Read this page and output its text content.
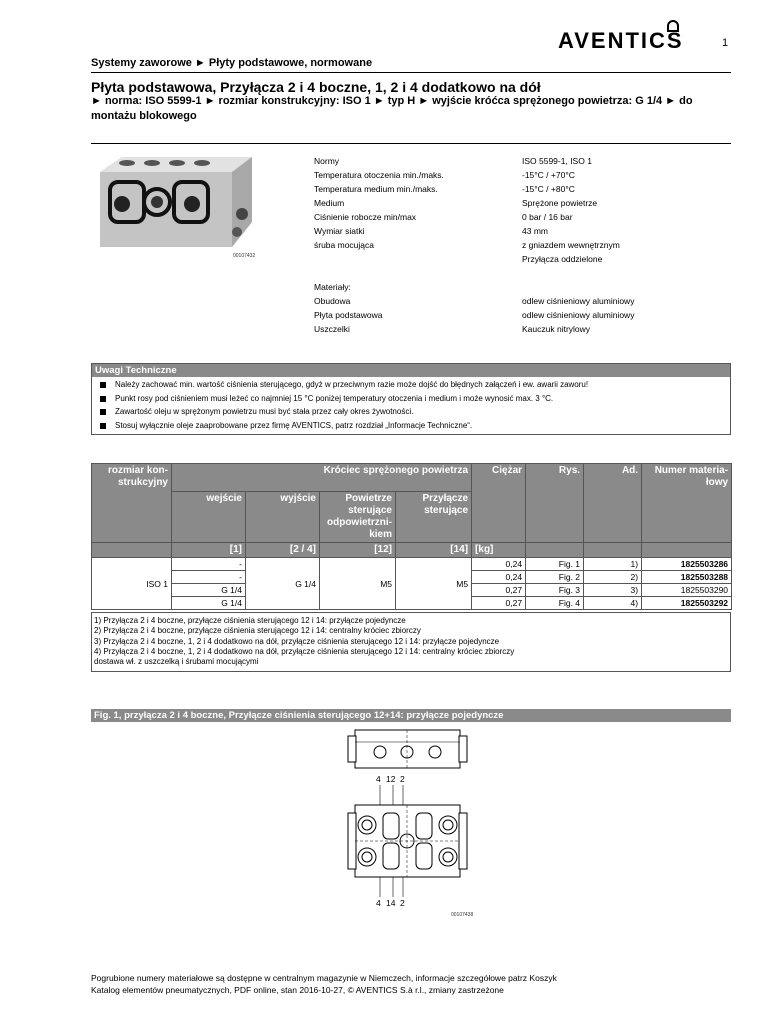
AVENTICS	1
Systemy zaworowe ► Płyty podstawowe, normowane
Płyta podstawowa, Przyłącza 2 i 4 boczne, 1, 2 i 4 dodatkowo na dół
► norma: ISO 5599-1 ► rozmiar konstrukcyjny: ISO 1 ► typ H ► wyjście króćca sprężonego powietrza: G 1/4 ► do montażu blokowego
00107432
Normy	ISO 5599-1, ISO 1
Temperatura otoczenia min./maks.	-15°C / +70°C
Temperatura medium min./maks.	-15°C / +80°C
Medium	Sprężone powietrze
Ciśnienie robocze min/max	0 bar / 16 bar
Wymiar siatki	43 mm
śruba mocująca	z gniazdem wewnętrznym
Przyłącza oddzielone
Materiały:
Obudowa	odlew ciśnieniowy aluminiowy
Płyta podstawowa	odlew ciśnieniowy aluminiowy
Uszczelki	Kauczuk nitrylowy
Uwagi Techniczne
Należy zachować min. wartość ciśnienia sterującego, gdyż w przeciwnym razie może dojść do błędnych załączeń i ew. awarii zaworu!
Punkt rosy pod ciśnieniem musi leżeć co najmniej 15 °C poniżej temperatury otoczenia i medium i może wynosić max. 3 °C.
Zawartość oleju w sprężonym powietrzu musi być stała przez cały okres żywotności.
Stosuj wyłącznie oleje zaaprobowane przez firmę AVENTICS, patrz rozdział „Informacje Techniczne“.
rozmiar kon-strukcyjny	Króciec sprężonego powietrza				Ciężar	Rys.	Ad.	Numer materia-łowy
	wejście	wyjście	Powietrze sterujące odpowietrzni-kiem	Przyłącze sterujące				
	[1]	[2 / 4]	[12]	[14]	[kg]			
ISO 1	-	G 1/4	M5	M5	0,24	Fig. 1	1)	1825503286
	-				0,24	Fig. 2	2)	1825503288
	G 1/4				0,27	Fig. 3	3)	1825503290
	G 1/4				0,27	Fig. 4	4)	1825503292
1) Przyłącza 2 i 4 boczne, przyłącze ciśnienia sterującego 12 i 14: przyłącze pojedyncze
2) Przyłącza 2 i 4 boczne, przyłącze ciśnienia sterującego 12 i 14: centralny króciec zbiorczy
3) Przyłącza 2 i 4 boczne, 1, 2 i 4 dodatkowo na dół, przyłącze ciśnienia sterującego 12 i 14: przyłącze pojedyncze
4) Przyłącza 2 i 4 boczne, 1, 2 i 4 dodatkowo na dół, przyłącze ciśnienia sterującego 12 i 14: centralny króciec zbiorczy
dostawa wł. z uszczelką i śrubami mocującymi
Fig. 1, przyłącza 2 i 4 boczne, Przyłącze ciśnienia sterującego 12+14: przyłącze pojedyncze
4 12 2
4 14 2
00107438
Pogrubione numery materiałowe są dostępne w centralnym magazynie w Niemczech, informacje szczegółowe patrz Koszyk
Katalog elementów pneumatycznych, PDF online, stan 2016-10-27, © AVENTICS S.à r.l., zmiany zastrzeżone
